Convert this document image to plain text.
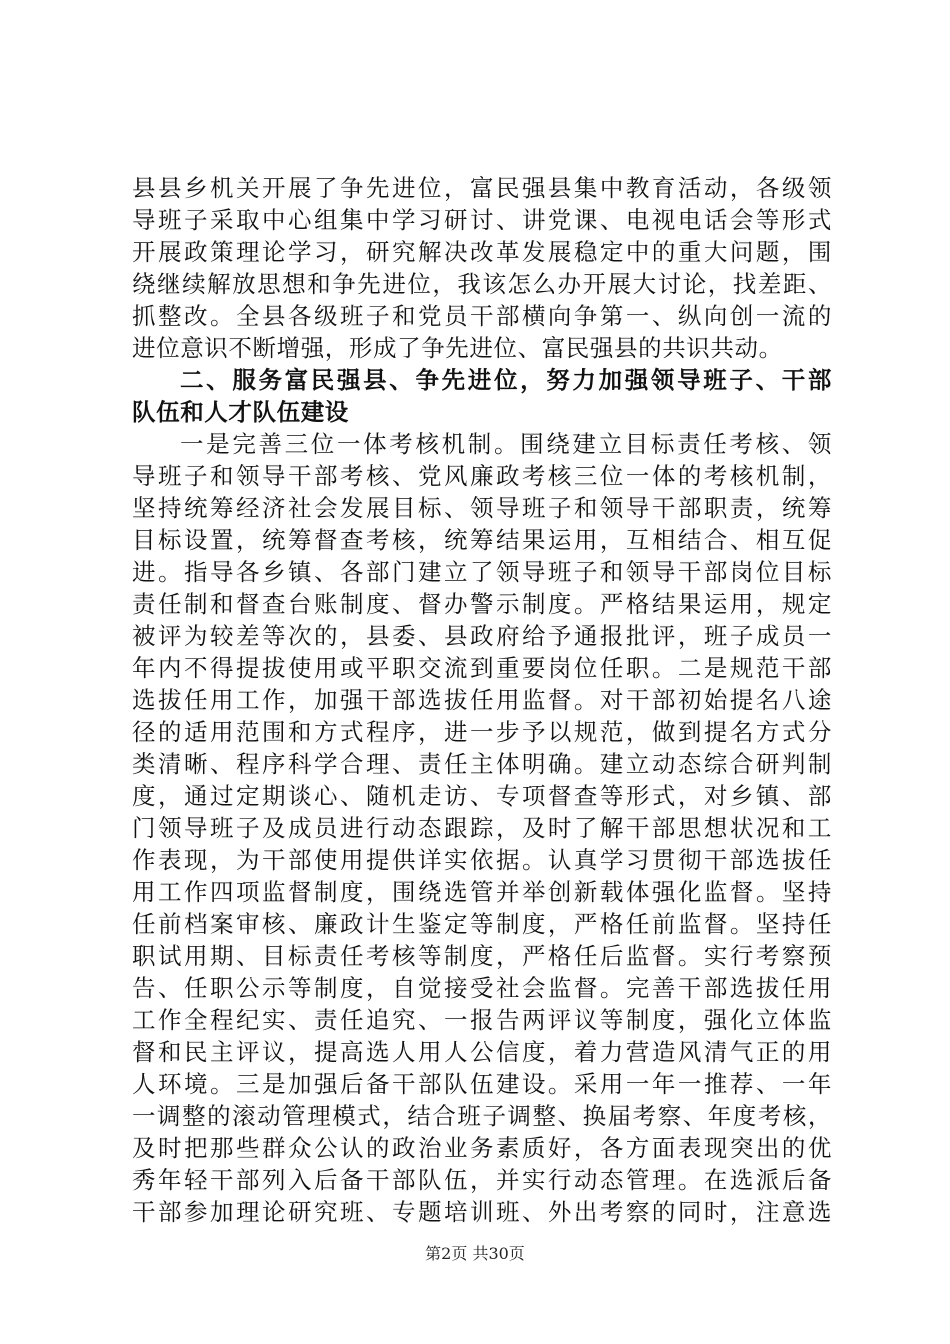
县县乡机关开展了争先进位，富民强县集中教育活动，各级领
导班子采取中心组集中学习研讨、讲党课、电视电话会等形式
开展政策理论学习，研究解决改革发展稳定中的重大问题，围
绕继续解放思想和争先进位，我该怎么办开展大讨论，找差距、
抓整改。全县各级班子和党员干部横向争第一、纵向创一流的
进位意识不断增强，形成了争先进位、富民强县的共识共动。
二、服务富民强县、争先进位，努力加强领导班子、干部
队伍和人才队伍建设
一是完善三位一体考核机制。围绕建立目标责任考核、领
导班子和领导干部考核、党风廉政考核三位一体的考核机制，
坚持统筹经济社会发展目标、领导班子和领导干部职责，统筹
目标设置，统筹督查考核，统筹结果运用，互相结合、相互促
进。指导各乡镇、各部门建立了领导班子和领导干部岗位目标
责任制和督查台账制度、督办警示制度。严格结果运用，规定
被评为较差等次的，县委、县政府给予通报批评，班子成员一
年内不得提拔使用或平职交流到重要岗位任职。二是规范干部
选拔任用工作，加强干部选拔任用监督。对干部初始提名八途
径的适用范围和方式程序，进一步予以规范，做到提名方式分
类清晰、程序科学合理、责任主体明确。建立动态综合研判制
度，通过定期谈心、随机走访、专项督查等形式，对乡镇、部
门领导班子及成员进行动态跟踪，及时了解干部思想状况和工
作表现，为干部使用提供详实依据。认真学习贯彻干部选拔任
用工作四项监督制度，围绕选管并举创新载体强化监督。坚持
任前档案审核、廉政计生鉴定等制度，严格任前监督。坚持任
职试用期、目标责任考核等制度，严格任后监督。实行考察预
告、任职公示等制度，自觉接受社会监督。完善干部选拔任用
工作全程纪实、责任追究、一报告两评议等制度，强化立体监
督和民主评议，提高选人用人公信度，着力营造风清气正的用
人环境。三是加强后备干部队伍建设。采用一年一推荐、一年
一调整的滚动管理模式，结合班子调整、换届考察、年度考核，
及时把那些群众公认的政治业务素质好，各方面表现突出的优
秀年轻干部列入后备干部队伍，并实行动态管理。在选派后备
干部参加理论研究班、专题培训班、外出考察的同时，注意选
第2页 共30页
